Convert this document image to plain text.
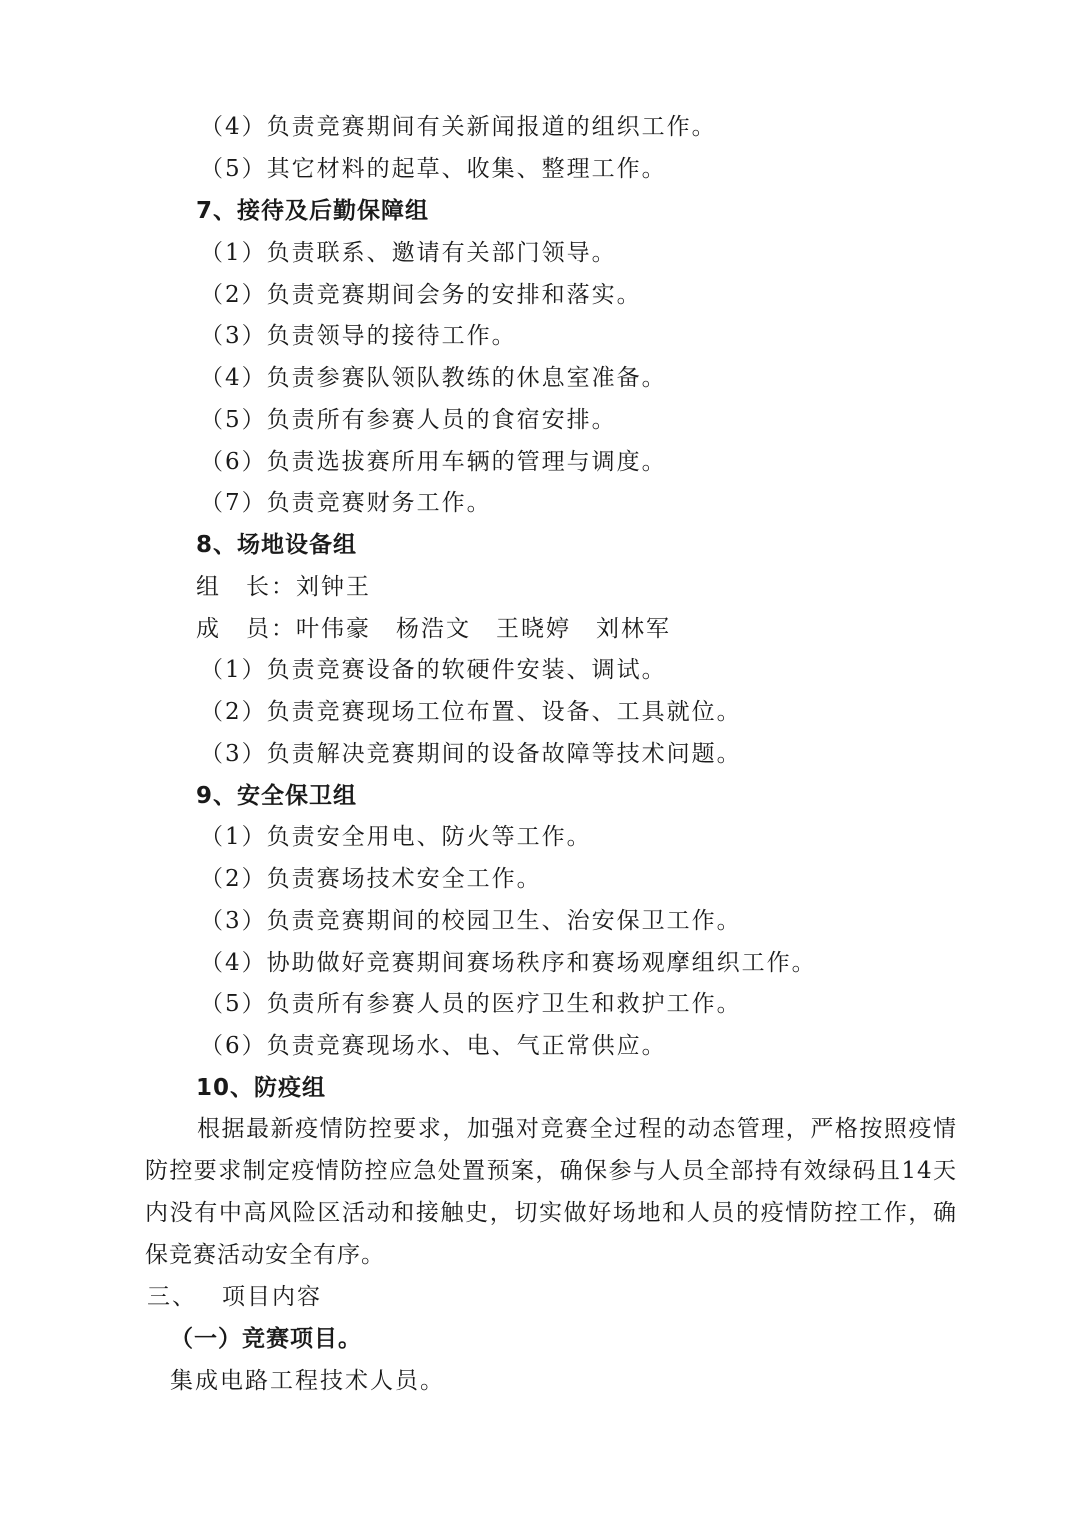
（4）负责竞赛期间有关新闻报道的组织工作。
（5）其它材料的起草、收集、整理工作。
7、接待及后勤保障组
（1）负责联系、邀请有关部门领导。
（2）负责竞赛期间会务的安排和落实。
（3）负责领导的接待工作。
（4）负责参赛队领队教练的休息室准备。
（5）负责所有参赛人员的食宿安排。
（6）负责选拔赛所用车辆的管理与调度。
（7）负责竞赛财务工作。
8、场地设备组
组　长：刘钟王
成　员：叶伟豪　杨浩文　王晓婷　刘林军
（1）负责竞赛设备的软硬件安装、调试。
（2）负责竞赛现场工位布置、设备、工具就位。
（3）负责解决竞赛期间的设备故障等技术问题。
9、安全保卫组
（1）负责安全用电、防火等工作。
（2）负责赛场技术安全工作。
（3）负责竞赛期间的校园卫生、治安保卫工作。
（4）协助做好竞赛期间赛场秩序和赛场观摩组织工作。
（5）负责所有参赛人员的医疗卫生和救护工作。
（6）负责竞赛现场水、电、气正常供应。
10、防疫组
根据最新疫情防控要求，加强对竞赛全过程的动态管理，严格按照疫情防控要求制定疫情防控应急处置预案，确保参与人员全部持有效绿码且14天内没有中高风险区活动和接触史，切实做好场地和人员的疫情防控工作，确保竞赛活动安全有序。
三、 项目内容
（一）竞赛项目。
集成电路工程技术人员。
